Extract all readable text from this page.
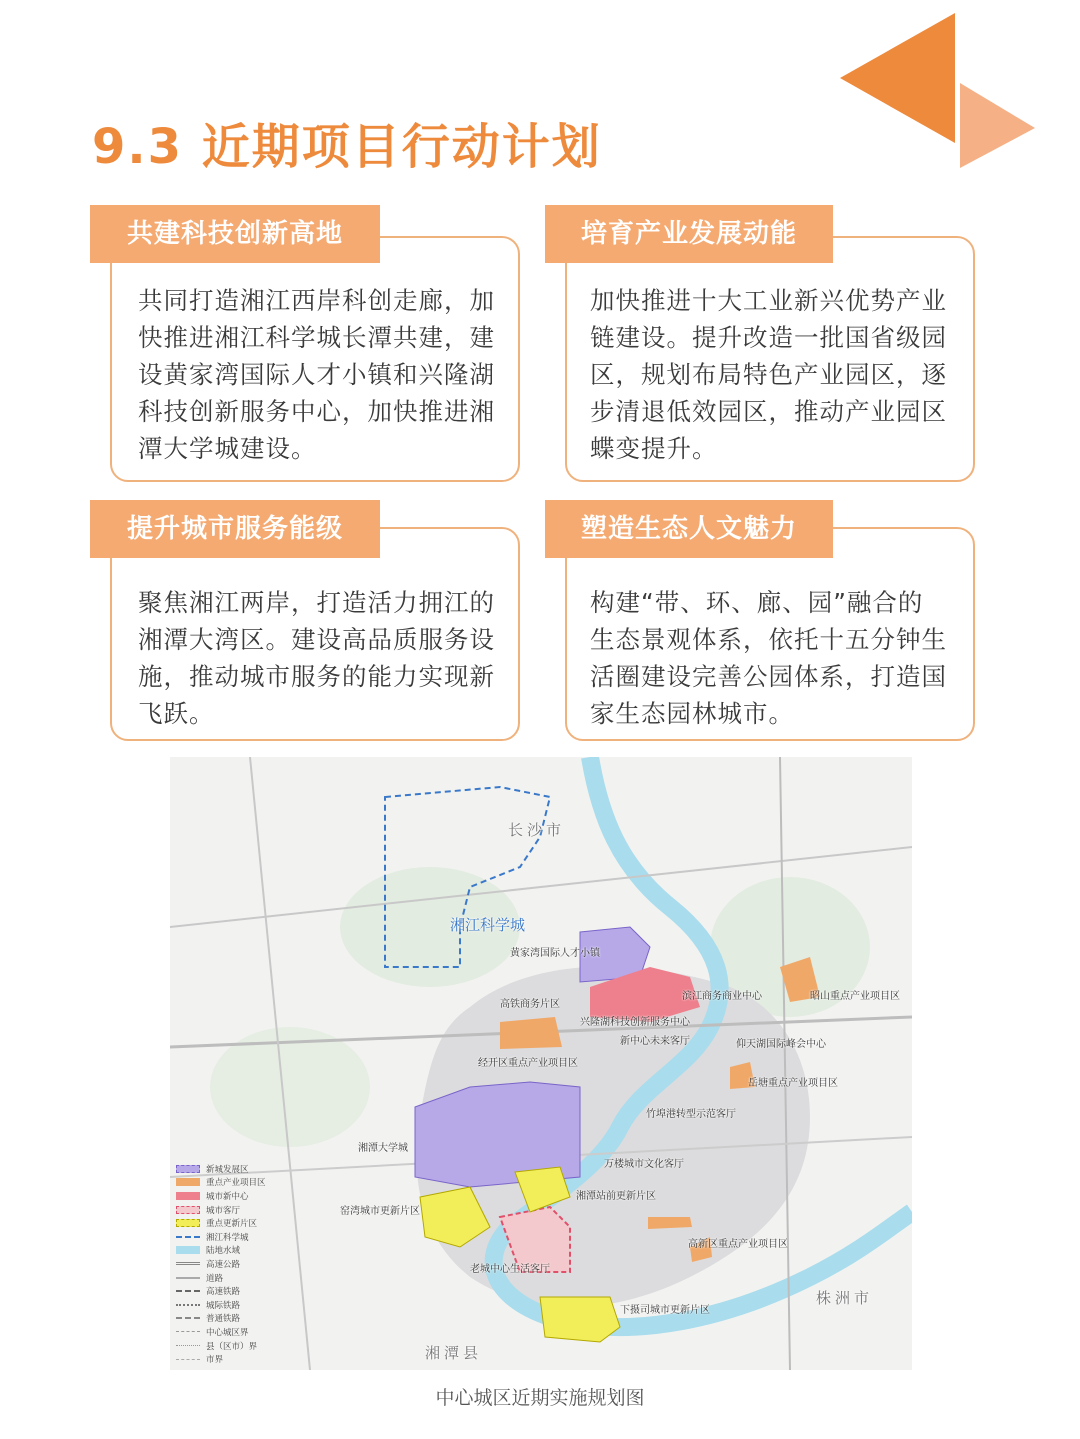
9.3 近期项目行动计划
共建科技创新高地
共同打造湘江西岸科创走廊，加
快推进湘江科学城长潭共建，建
设黄家湾国际人才小镇和兴隆湖
科技创新服务中心，加快推进湘
潭大学城建设。
培育产业发展动能
加快推进十大工业新兴优势产业
链建设。提升改造一批国省级园
区，规划布局特色产业园区，逐
步清退低效园区，推动产业园区
蝶变提升。
提升城市服务能级
聚焦湘江两岸，打造活力拥江的
湘潭大湾区。建设高品质服务设
施，推动城市服务的能力实现新
飞跃。
塑造生态人文魅力
构建“带、环、廊、园”融合的
生态景观体系，依托十五分钟生
活圈建设完善公园体系，打造国
家生态园林城市。
长沙市
株洲市
湘潭县
湘江科学城
黄家湾国际人才小镇
高铁商务片区
兴隆湖科技创新服务中心
滨江商务商业中心	昭山重点产业项目区
新中心未来客厅	仰天湖国际峰会中心
经开区重点产业项目区
岳塘重点产业项目区
竹埠港转型示范客厅
湘潭大学城
万楼城市文化客厅
湘潭站前更新片区
窑湾城市更新片区
高新区重点产业项目区
老城中心生活客厅
下摄司城市更新片区
新城发展区
重点产业项目区
城市新中心
城市客厅
重点更新片区
湘江科学城
陆地水域
高速公路
道路
高速铁路
城际铁路
普通铁路
中心城区界
县（区市）界
市界
中心城区近期实施规划图
